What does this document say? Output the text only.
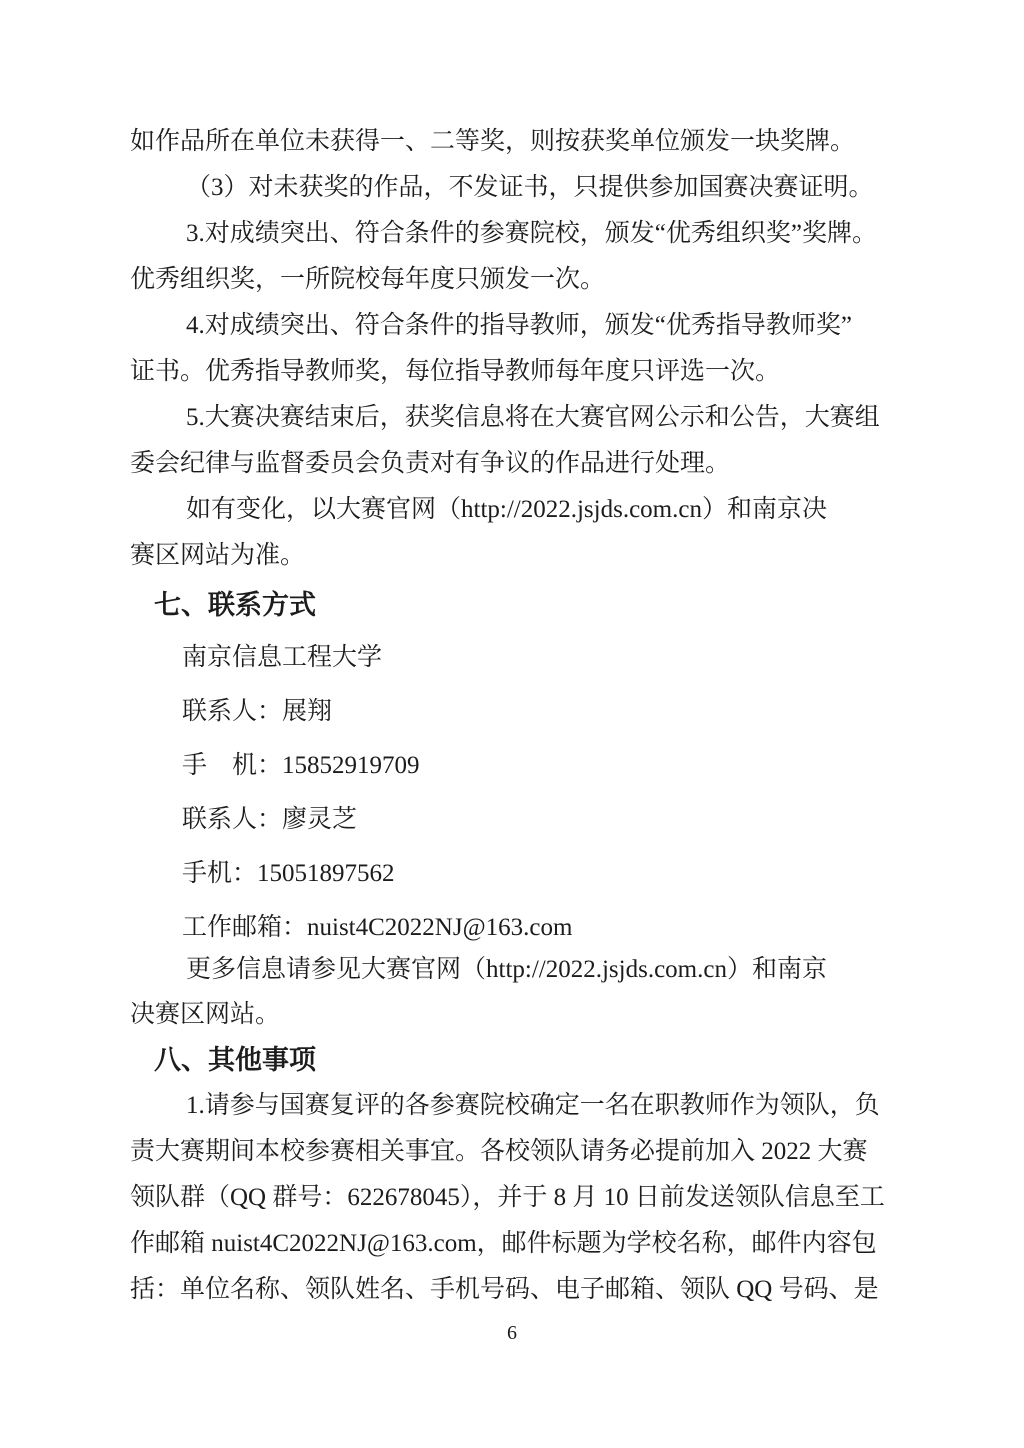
如作品所在单位未获得一、二等奖，则按获奖单位颁发一块奖牌。
（3）对未获奖的作品，不发证书，只提供参加国赛决赛证明。
3.对成绩突出、符合条件的参赛院校，颁发“优秀组织奖”奖牌。
优秀组织奖，一所院校每年度只颁发一次。
4.对成绩突出、符合条件的指导教师，颁发“优秀指导教师奖”
证书。优秀指导教师奖，每位指导教师每年度只评选一次。
5.大赛决赛结束后，获奖信息将在大赛官网公示和公告，大赛组
委会纪律与监督委员会负责对有争议的作品进行处理。
如有变化，以大赛官网（http://2022.jsjds.com.cn）和南京决
赛区网站为准。
七、联系方式
南京信息工程大学
联系人：展翔
手　机：15852919709
联系人：廖灵芝
手机：15051897562
工作邮箱：nuist4C2022NJ@163.com
更多信息请参见大赛官网（http://2022.jsjds.com.cn）和南京
决赛区网站。
八、其他事项
1.请参与国赛复评的各参赛院校确定一名在职教师作为领队，负
责大赛期间本校参赛相关事宜。各校领队请务必提前加入 2022 大赛
领队群（QQ 群号：622678045），并于 8 月 10 日前发送领队信息至工
作邮箱 nuist4C2022NJ@163.com，邮件标题为学校名称，邮件内容包
括：单位名称、领队姓名、手机号码、电子邮箱、领队 QQ 号码、是
6
